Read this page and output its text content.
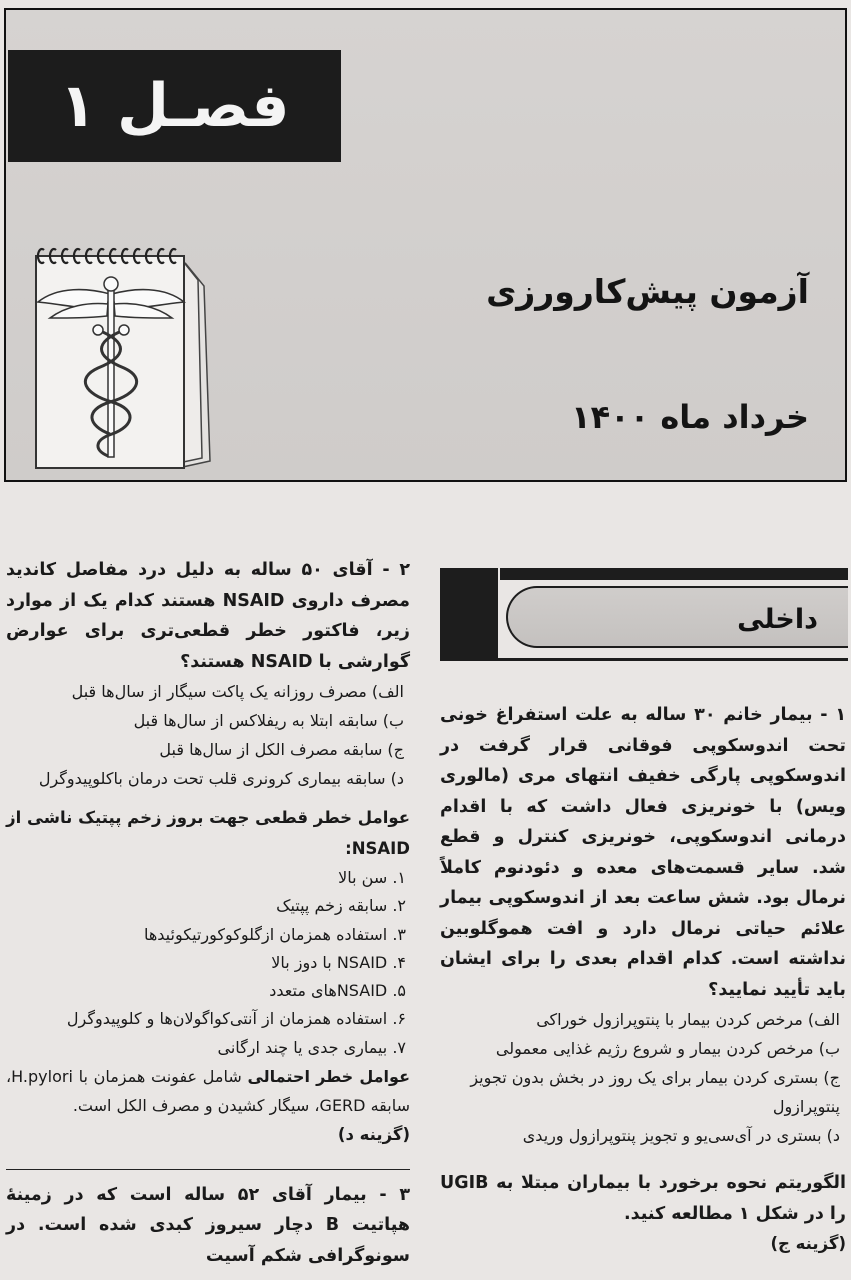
فصـل ۱
آزمون پیش‌کارورزی
خرداد ماه ۱۴۰۰
داخلی
۱ - بیمار خانم ۳۰ ساله به علت استفراغ خونی تحت اندوسکوپی فوقانی قرار گرفت در اندوسکوپی پارگی خفیف انتهای مری (مالوری ویس) با خونریزی فعال داشت که با اقدام درمانی اندوسکوپی، خونریزی کنترل و قطع شد. سایر قسمت‌های معده و دئودنوم کاملاً نرمال بود. شش ساعت بعد از اندوسکوپی بیمار علائم حیاتی نرمال دارد و افت هموگلوبین نداشته است. کدام اقدام بعدی را برای ایشان باید تأیید نمایید؟
الف) مرخص کردن بیمار با پنتوپرازول خوراکی
ب) مرخص کردن بیمار و شروع رژیم غذایی معمولی
ج) بستری کردن بیمار برای یک روز در بخش بدون تجویز پنتوپرازول
د) بستری در آی‌سی‌یو و تجویز پنتوپرازول وریدی
الگوریتم نحوه برخورد با بیماران مبتلا به UGIB را در شکل ۱ مطالعه کنید.
(گزینه ج)
۲ - آقای ۵۰ ساله به دلیل درد مفاصل کاندید مصرف داروی NSAID هستند کدام یک از موارد زیر، فاکتور خطر قطعی‌تری برای عوارض گوارشی با NSAID هستند؟
الف) مصرف روزانه یک پاکت سیگار از سال‌ها قبل
ب) سابقه ابتلا به ریفلاکس از سال‌ها قبل
ج) سابقه مصرف الکل از سال‌ها قبل
د) سابقه بیماری کرونری قلب تحت درمان باکلوپیدوگرل
عوامل خطر قطعی جهت بروز زخم پپتیک ناشی از NSAID:
۱. سن بالا
۲. سابقه زخم پپتیک
۳. استفاده همزمان ازگلوکوکورتیکوئیدها
۴. NSAID با دوز بالا
۵. NSAIDهای متعدد
۶. استفاده همزمان از آنتی‌کواگولان‌ها و کلوپیدوگرل
۷. بیماری جدی یا چند ارگانی
عوامل خطر احتمالی شامل عفونت همزمان با H.pylori، سابقه GERD، سیگار کشیدن و مصرف الکل است.
(گزینه د)
۳ - بیمار آقای ۵۲ ساله است که در زمینهٔ هپاتیت B دچار سیروز کبدی شده است. در سونوگرافی شکم آسیت
